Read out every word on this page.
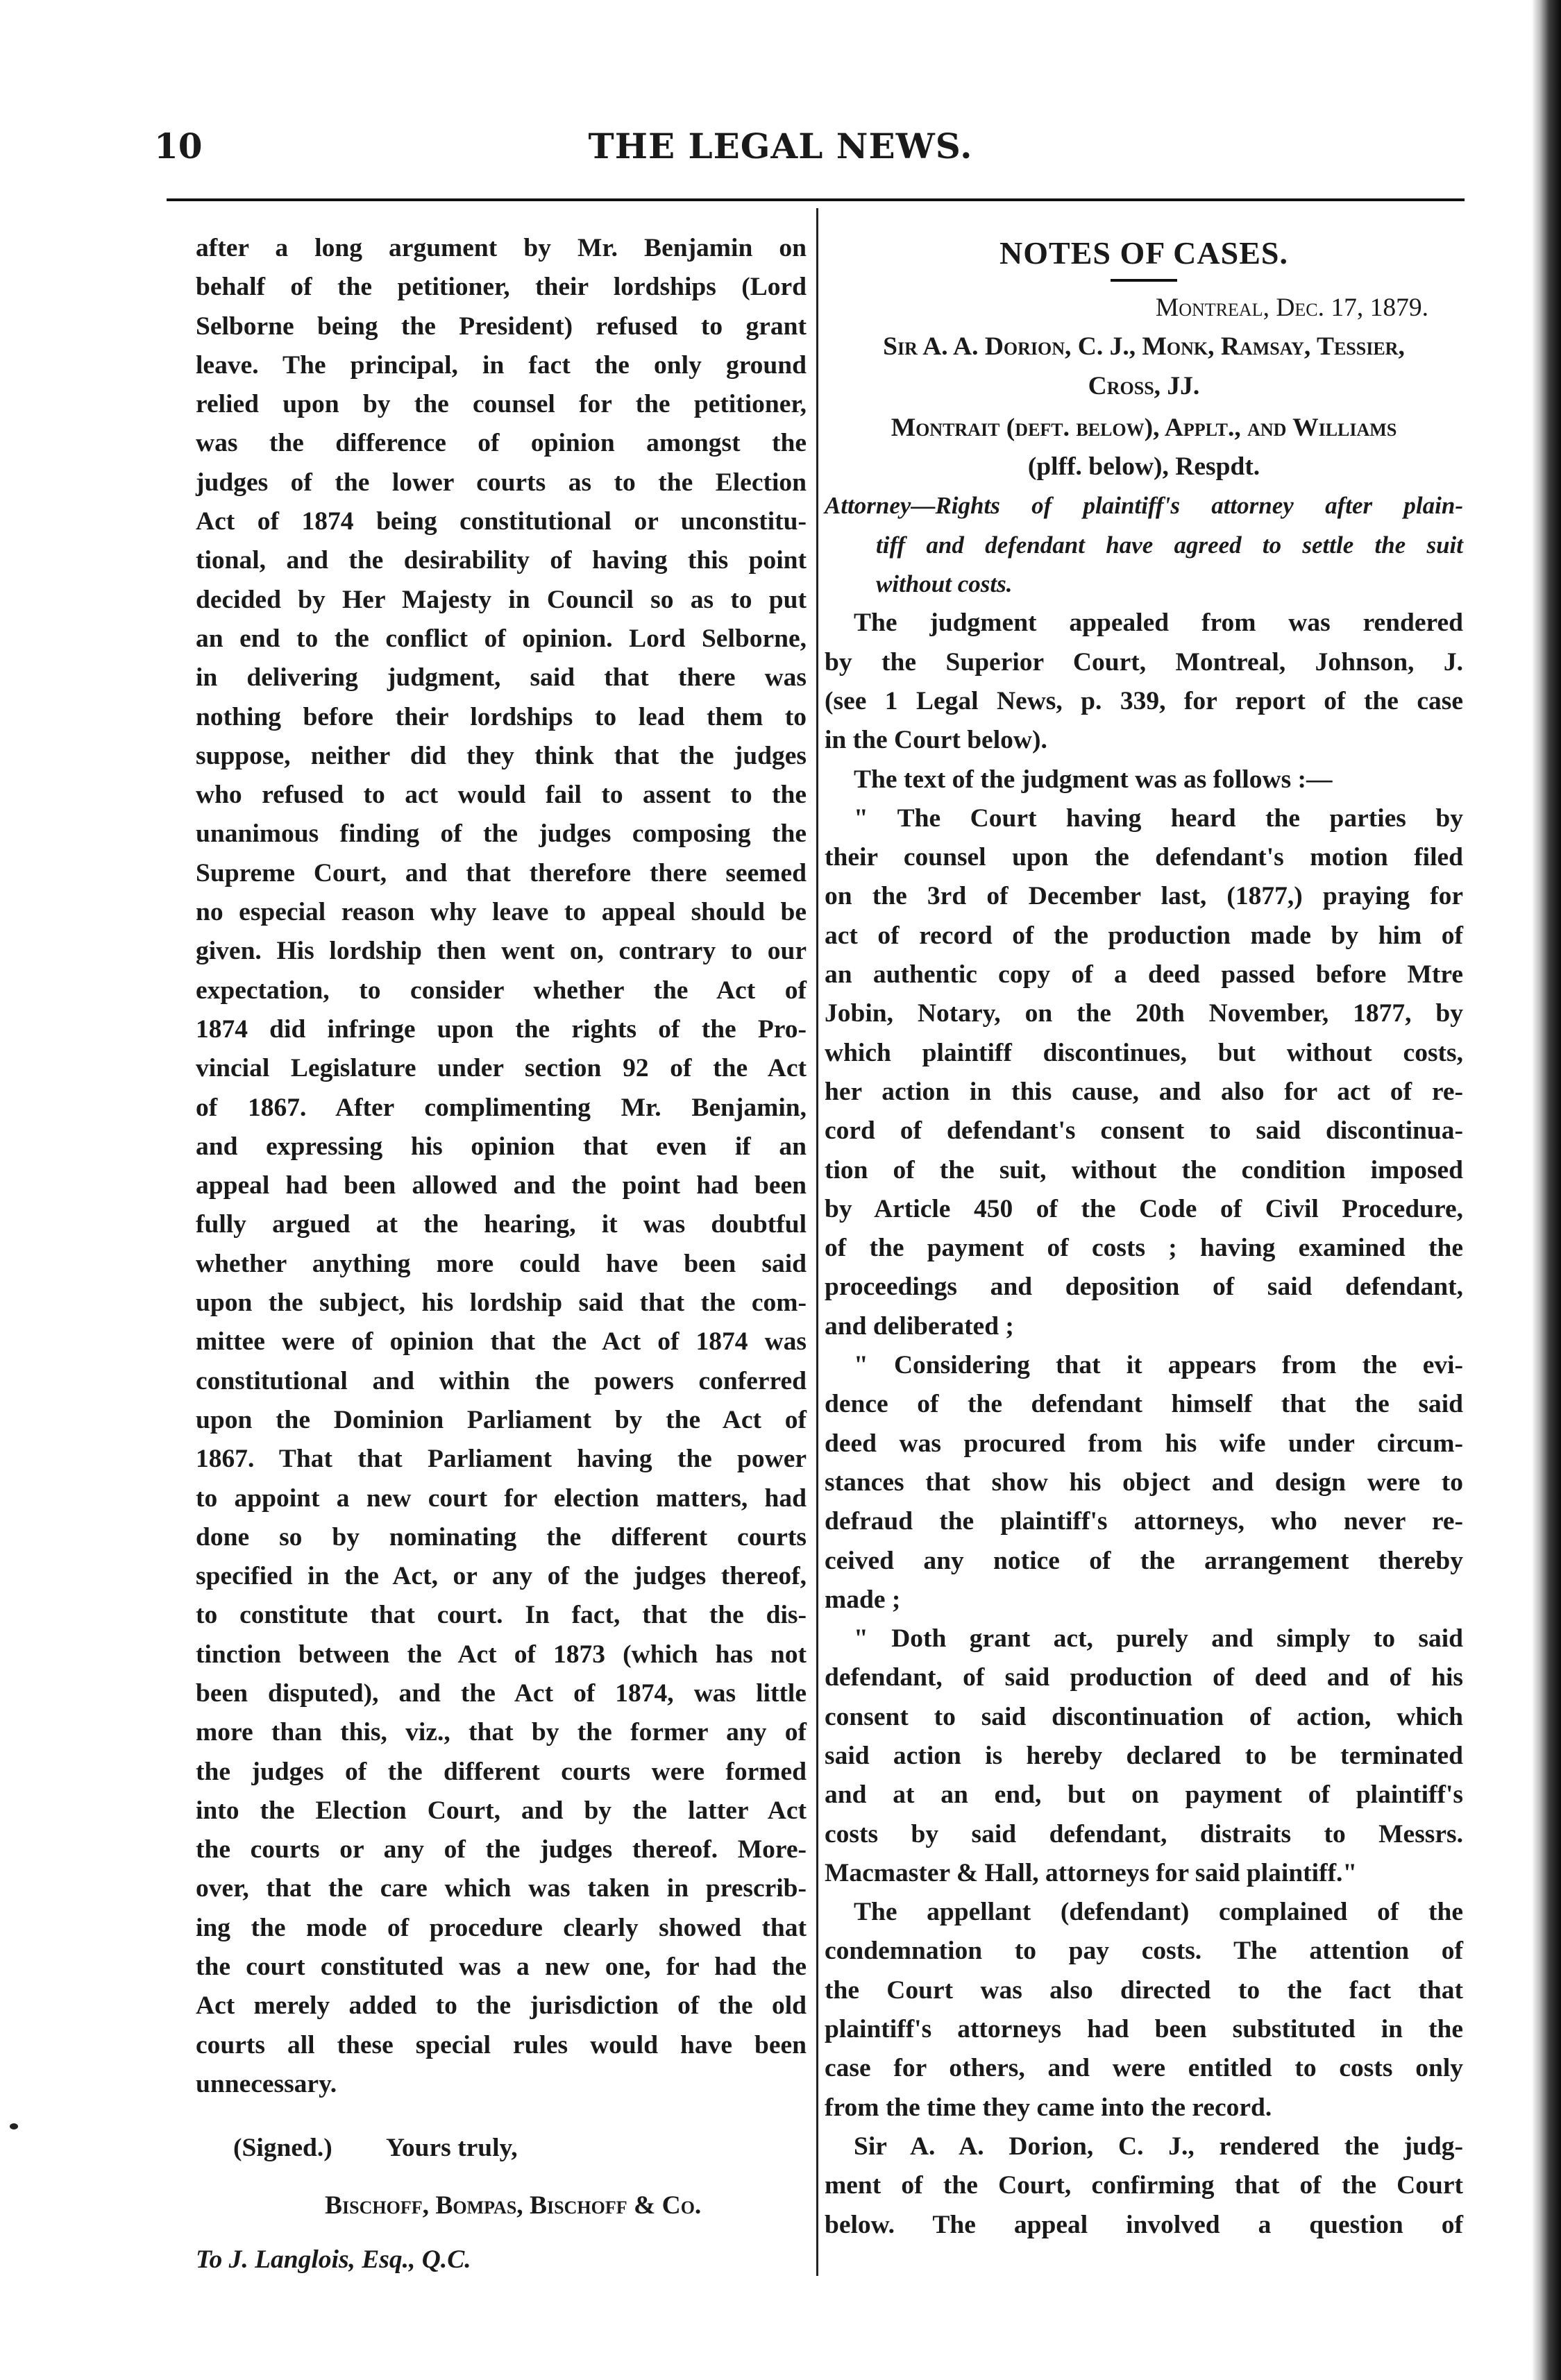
10	THE LEGAL NEWS.

after a long argument by Mr. Benjamin on

behalf of the petitioner, their lordships (Lord

Selborne being the President) refused to grant

leave. The principal, in fact the only ground

relied upon by the counsel for the petitioner,

was the difference of opinion amongst the

judges of the lower courts as to the Election

Act of 1874 being constitutional or unconstitu-

tional, and the desirability of having this point

decided by Her Majesty in Council so as to put

an end to the conflict of opinion. Lord Selborne,

in delivering judgment, said that there was

nothing before their lordships to lead them to

suppose, neither did they think that the judges

who refused to act would fail to assent to the

unanimous finding of the judges composing the

Supreme Court, and that therefore there seemed

no especial reason why leave to appeal should be

given. His lordship then went on, contrary to our

expectation, to consider whether the Act of

1874 did infringe upon the rights of the Pro-

vincial Legislature under section 92 of the Act

of 1867. After complimenting Mr. Benjamin,

and expressing his opinion that even if an

appeal had been allowed and the point had been

fully argued at the hearing, it was doubtful

whether anything more could have been said

upon the subject, his lordship said that the com-

mittee were of opinion that the Act of 1874 was

constitutional and within the powers conferred

upon the Dominion Parliament by the Act of

1867. That that Parliament having the power

to appoint a new court for election matters, had

done so by nominating the different courts

specified in the Act, or any of the judges thereof,

to constitute that court. In fact, that the dis-

tinction between the Act of 1873 (which has not

been disputed), and the Act of 1874, was little

more than this, viz., that by the former any of

the judges of the different courts were formed

into the Election Court, and by the latter Act

the courts or any of the judges thereof. More-

over, that the care which was taken in prescrib-

ing the mode of procedure clearly showed that

the court constituted was a new one, for had the

Act merely added to the jurisdiction of the old

courts all these special rules would have been

unnecessary.

(Signed.) Yours truly,

Bischoff, Bompas, Bischoff & Co.

To J. Langlois, Esq., Q.C.

NOTES OF CASES.

Montreal, Dec. 17, 1879.

Sir A. A. Dorion, C. J., Monk, Ramsay, Tessier,

Cross, JJ.

Montrait (deft. below), Applt., and Williams

(plff. below), Respdt.

Attorney—Rights of plaintiff's attorney after plain-

tiff and defendant have agreed to settle the suit

without costs.

The judgment appealed from was rendered

by the Superior Court, Montreal, Johnson, J.

(see 1 Legal News, p. 339, for report of the case

in the Court below).

The text of the judgment was as follows :—

" The Court having heard the parties by

their counsel upon the defendant's motion filed

on the 3rd of December last, (1877,) praying for

act of record of the production made by him of

an authentic copy of a deed passed before Mtre

Jobin, Notary, on the 20th November, 1877, by

which plaintiff discontinues, but without costs,

her action in this cause, and also for act of re-

cord of defendant's consent to said discontinua-

tion of the suit, without the condition imposed

by Article 450 of the Code of Civil Procedure,

of the payment of costs ; having examined the

proceedings and deposition of said defendant,

and deliberated ;

" Considering that it appears from the evi-

dence of the defendant himself that the said

deed was procured from his wife under circum-

stances that show his object and design were to

defraud the plaintiff's attorneys, who never re-

ceived any notice of the arrangement thereby

made ;

" Doth grant act, purely and simply to said

defendant, of said production of deed and of his

consent to said discontinuation of action, which

said action is hereby declared to be terminated

and at an end, but on payment of plaintiff's

costs by said defendant, distraits to Messrs.

Macmaster & Hall, attorneys for said plaintiff."

The appellant (defendant) complained of the

condemnation to pay costs. The attention of

the Court was also directed to the fact that

plaintiff's attorneys had been substituted in the

case for others, and were entitled to costs only

from the time they came into the record.

Sir A. A. Dorion, C. J., rendered the judg-

ment of the Court, confirming that of the Court

below. The appeal involved a question of
